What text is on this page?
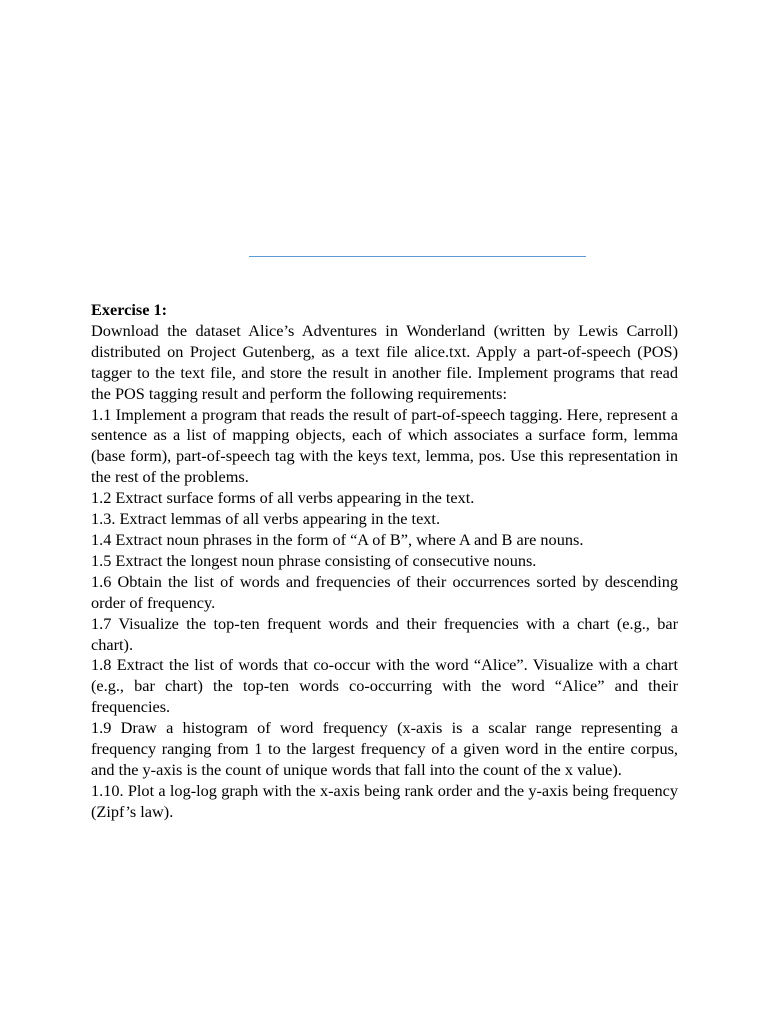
Exercise 1:

Download the dataset Alice’s Adventures in Wonderland (written by Lewis Carroll) distributed on Project Gutenberg, as a text file alice.txt. Apply a part-of-speech (POS) tagger to the text file, and store the result in another file. Implement programs that read the POS tagging result and perform the following requirements:

1.1 Implement a program that reads the result of part-of-speech tagging. Here, represent a sentence as a list of mapping objects, each of which associates a surface form, lemma (base form), part-of-speech tag with the keys text, lemma, pos. Use this representation in the rest of the problems.

1.2 Extract surface forms of all verbs appearing in the text.

1.3. Extract lemmas of all verbs appearing in the text.

1.4 Extract noun phrases in the form of “A of B”, where A and B are nouns.

1.5 Extract the longest noun phrase consisting of consecutive nouns.

1.6 Obtain the list of words and frequencies of their occurrences sorted by descending order of frequency.

1.7 Visualize the top-ten frequent words and their frequencies with a chart (e.g., bar chart).

1.8 Extract the list of words that co-occur with the word “Alice”. Visualize with a chart (e.g., bar chart) the top-ten words co-occurring with the word “Alice” and their frequencies.

1.9 Draw a histogram of word frequency (x-axis is a scalar range representing a frequency ranging from 1 to the largest frequency of a given word in the entire corpus, and the y-axis is the count of unique words that fall into the count of the x value).

1.10. Plot a log-log graph with the x-axis being rank order and the y-axis being frequency (Zipf’s law).
